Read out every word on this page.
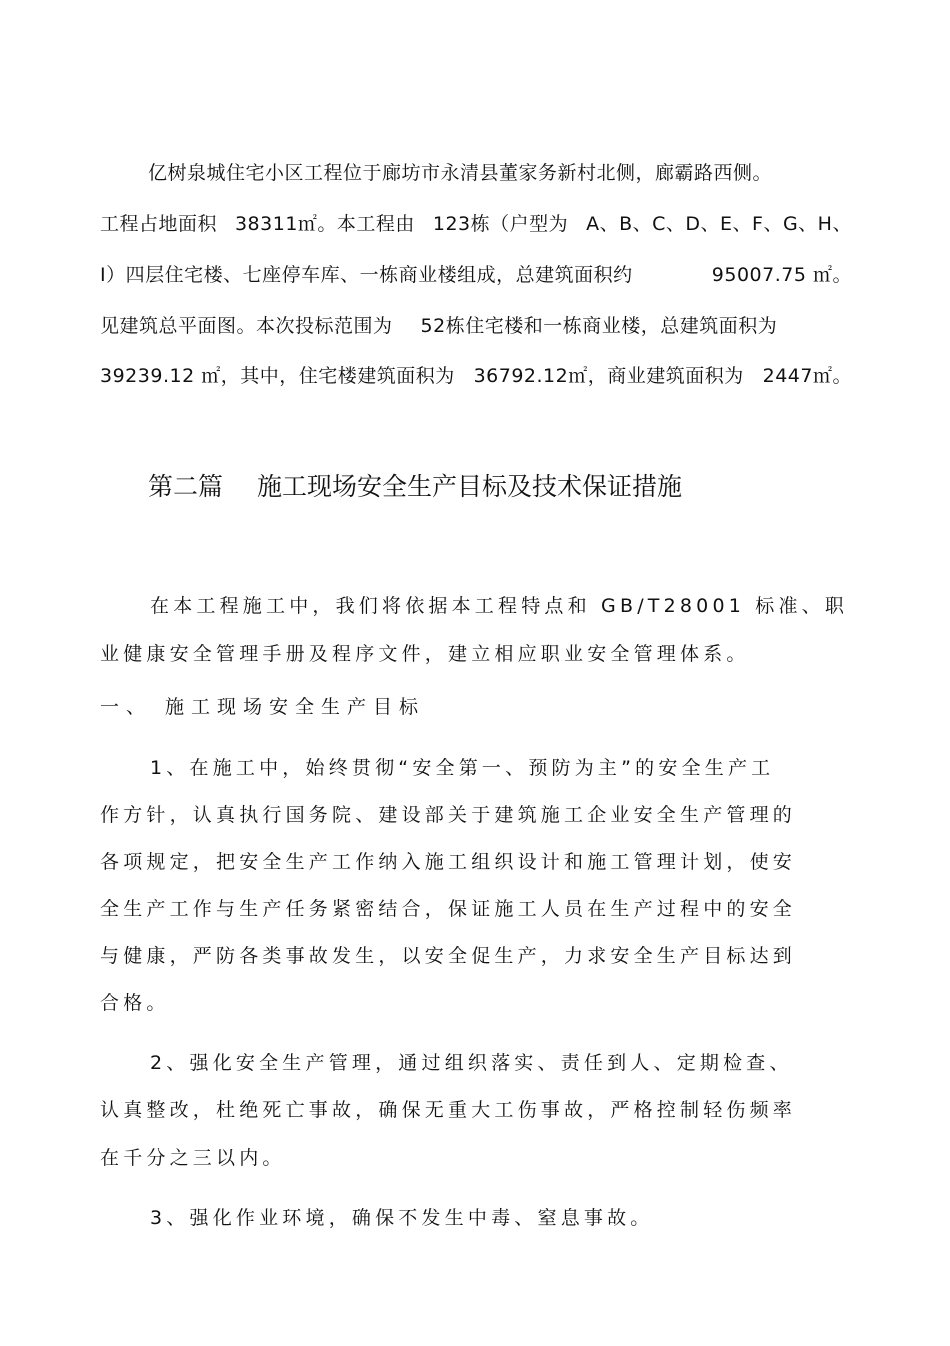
亿树泉城住宅小区工程位于廊坊市永清县董家务新村北侧，廊霸路西侧。
工程占地面积 38311㎡。本工程由 123栋（户型为 A、B、C、D、E、F、G、H、
I）四层住宅楼、七座停车库、一栋商业楼组成，总建筑面积约	95007.75 ㎡。
见建筑总平面图。本次投标范围为 52栋住宅楼和一栋商业楼，总建筑面积为
39239.12 ㎡，其中，住宅楼建筑面积为 36792.12㎡，商业建筑面积为 2447㎡。
第二篇 施工现场安全生产目标及技术保证措施
在本工程施工中，我们将依据本工程特点和 GB/T28001 标准、职
业健康安全管理手册及程序文件，建立相应职业安全管理体系。
一、 施工现场安全生产目标
1、在施工中，始终贯彻“安全第一、预防为主”的安全生产工
作方针，认真执行国务院、建设部关于建筑施工企业安全生产管理的
各项规定，把安全生产工作纳入施工组织设计和施工管理计划，使安
全生产工作与生产任务紧密结合，保证施工人员在生产过程中的安全
与健康，严防各类事故发生，以安全促生产，力求安全生产目标达到
合格。
2、强化安全生产管理，通过组织落实、责任到人、定期检查、
认真整改，杜绝死亡事故，确保无重大工伤事故，严格控制轻伤频率
在千分之三以内。
3、强化作业环境，确保不发生中毒、窒息事故。
